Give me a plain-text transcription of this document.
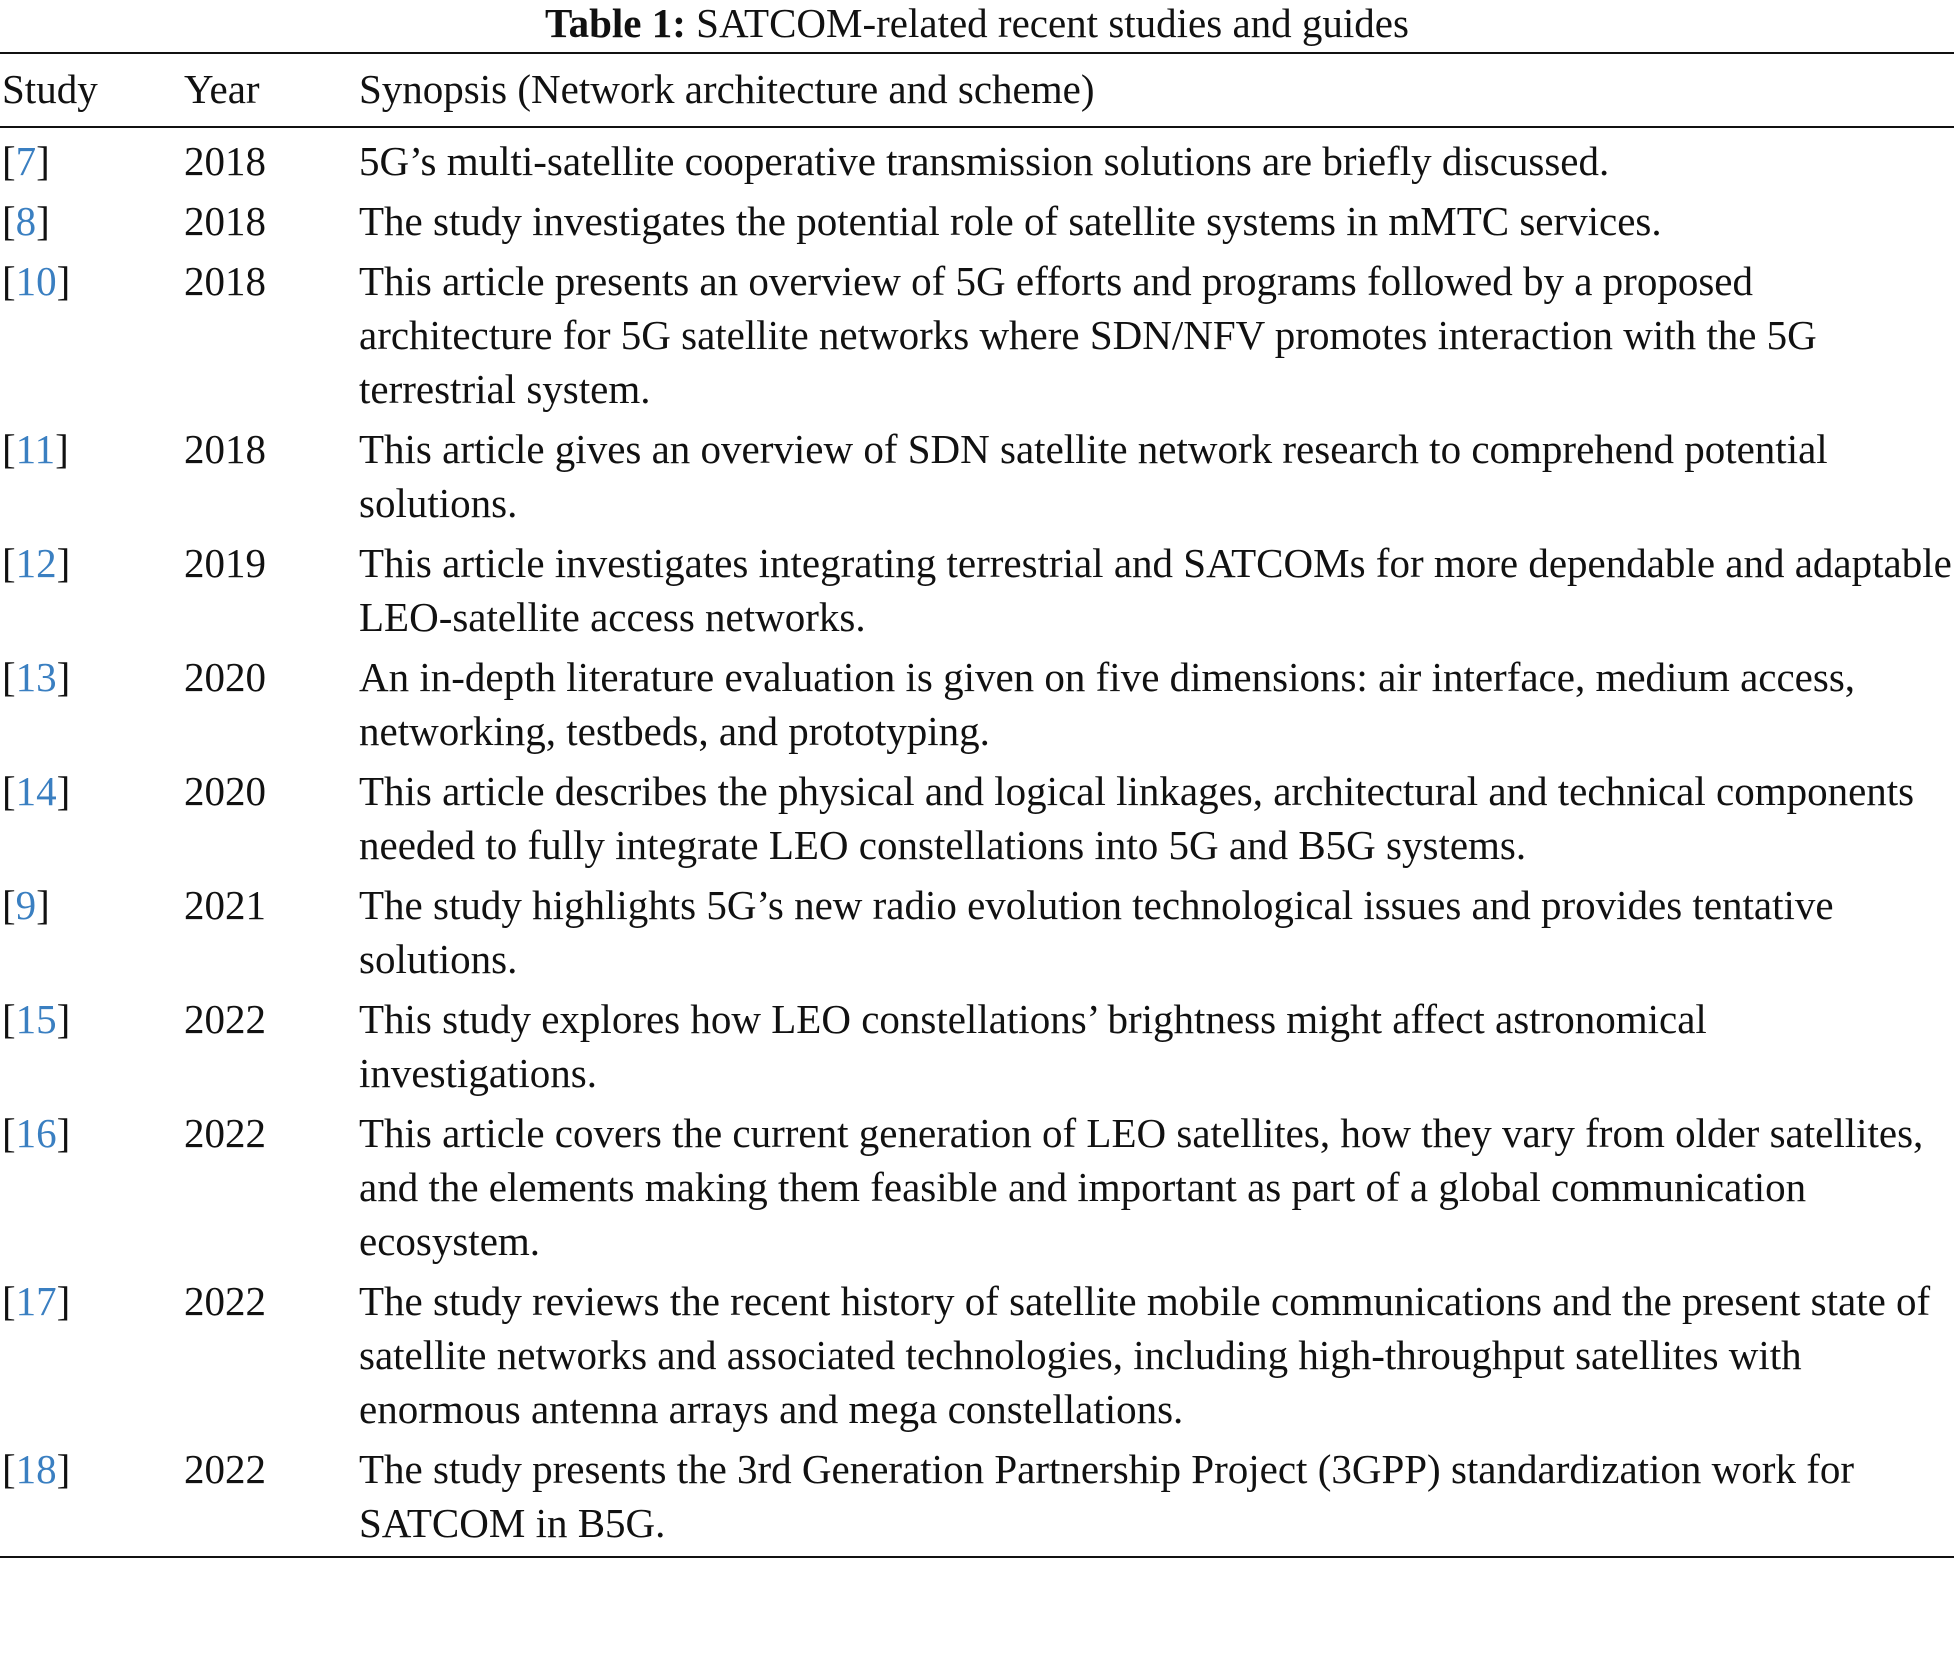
Table 1: SATCOM-related recent studies and guides
Study	Year	Synopsis (Network architecture and scheme)
[7]	2018	5G’s multi-satellite cooperative transmission solutions are briefly discussed.
[8]	2018	The study investigates the potential role of satellite systems in mMTC services.
[10]	2018	This article presents an overview of 5G efforts and programs followed by a proposed architecture for 5G satellite networks where SDN/NFV promotes interaction with the 5G terrestrial system.
[11]	2018	This article gives an overview of SDN satellite network research to comprehend potential solutions.
[12]	2019	This article investigates integrating terrestrial and SATCOMs for more dependable and adaptable LEO-satellite access networks.
[13]	2020	An in-depth literature evaluation is given on five dimensions: air interface, medium access, networking, testbeds, and prototyping.
[14]	2020	This article describes the physical and logical linkages, architectural and technical components needed to fully integrate LEO constellations into 5G and B5G systems.
[9]	2021	The study highlights 5G’s new radio evolution technological issues and provides tentative solutions.
[15]	2022	This study explores how LEO constellations’ brightness might affect astronomical investigations.
[16]	2022	This article covers the current generation of LEO satellites, how they vary from older satellites, and the elements making them feasible and important as part of a global communication ecosystem.
[17]	2022	The study reviews the recent history of satellite mobile communications and the present state of satellite networks and associated technologies, including high-throughput satellites with enormous antenna arrays and mega constellations.
[18]	2022	The study presents the 3rd Generation Partnership Project (3GPP) standardization work for SATCOM in B5G.
